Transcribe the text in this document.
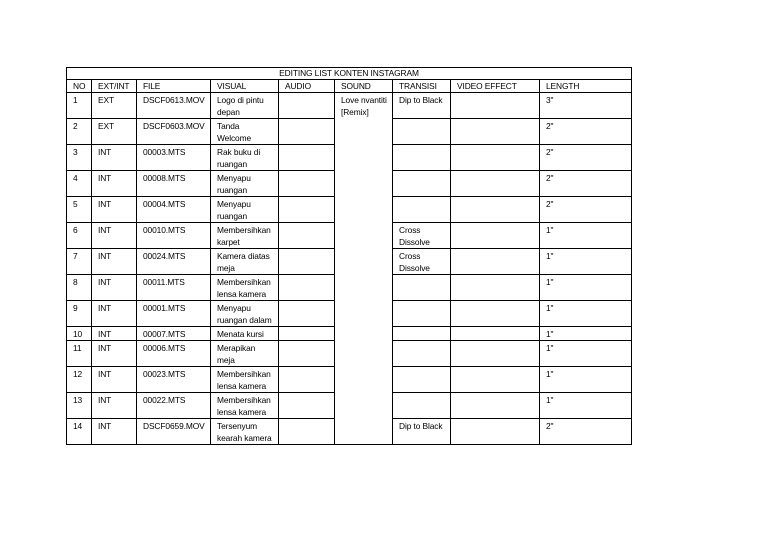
EDITING LIST KONTEN INSTAGRAM								
NO	EXT/INT	FILE	VISUAL	AUDIO	SOUND	TRANSISI	VIDEO EFFECT	LENGTH
1	EXT	DSCF0613.MOV	Logo di pintu depan		Love nvantiti [Remix]	Dip to Black		3"
2	EXT	DSCF0603.MOV	Tanda Welcome					2"
3	INT	00003.MTS	Rak buku di ruangan					2"
4	INT	00008.MTS	Menyapu ruangan					2"
5	INT	00004.MTS	Menyapu ruangan					2"
6	INT	00010.MTS	Membersihkan karpet			Cross Dissolve		1"
7	INT	00024.MTS	Kamera diatas meja			Cross Dissolve		1"
8	INT	00011.MTS	Membersihkan lensa kamera					1"
9	INT	00001.MTS	Menyapu ruangan dalam					1"
10	INT	00007.MTS	Menata kursi					1"
11	INT	00006.MTS	Merapikan meja					1"
12	INT	00023.MTS	Membersihkan lensa kamera					1"
13	INT	00022.MTS	Membersihkan lensa kamera					1"
14	INT	DSCF0659.MOV	Tersenyum kearah kamera			Dip to Black		2"
